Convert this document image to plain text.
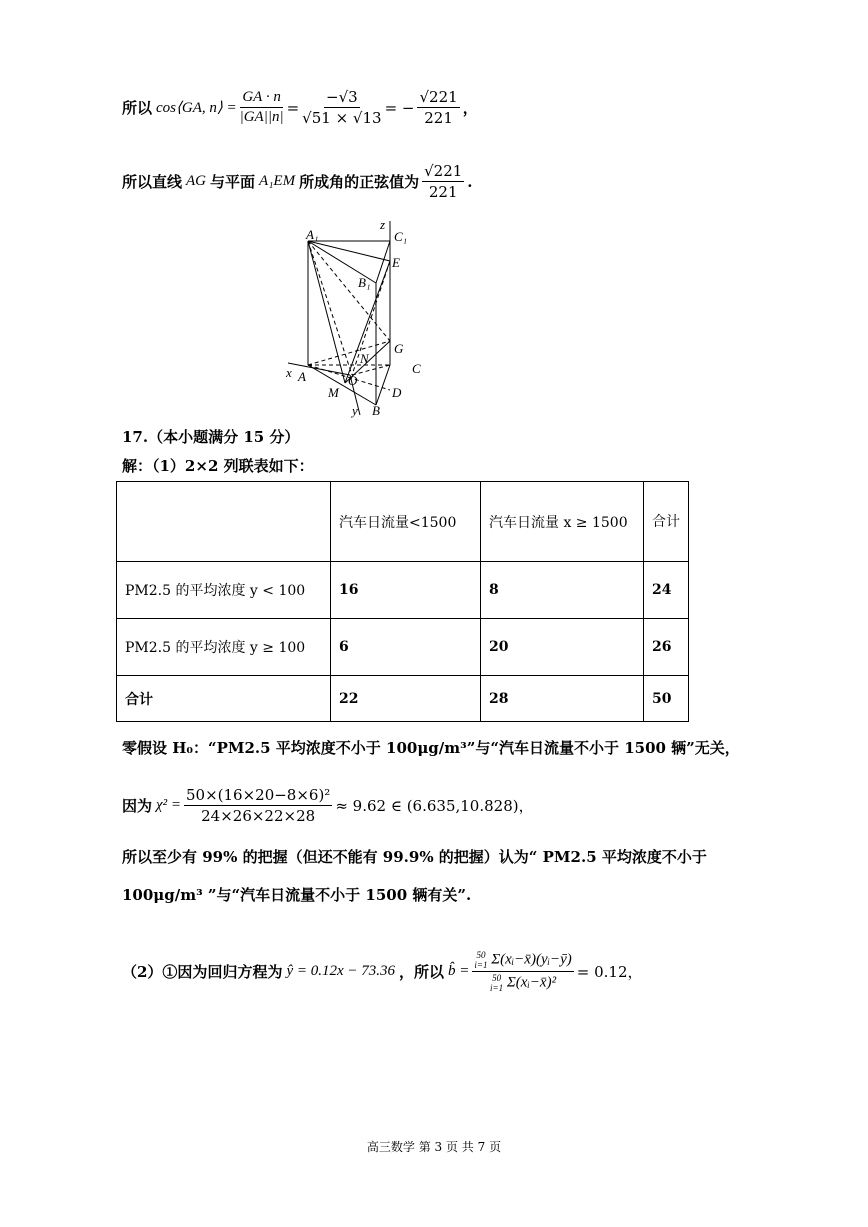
所以 cos⟨GA, n⟩ = $\frac{GA \cdot n}{|GA||n|} = \frac{-√3}{√51 \times √13}$ = − $\frac{√221}{221}$ ，
所以直线 AG 与平面 A₁EM 所成角的正弦值为 $\frac{√221}{221}$ .
A₁	C₁
z
E
B₁
G
N
O
x A
C
M	D
y B
17.（本小题满分 15 分）
解：（1）2×2 列联表如下：
	汽车日流量<1500	汽车日流量 x ≥ 1500	合计
PM2.5 的平均浓度 y < 100	16	8	24
PM2.5 的平均浓度 y ≥ 100	6	20	26
合计	22	28	50
零假设 H₀：“PM2.5 平均浓度不小于 100μg/m³”与“汽车日流量不小于 1500 辆”无关，
因为 $\chi^2 = \frac{\text{50×(16×20−8×6)²}}{24\times 26\times 22\times 28} \approx 9.62$ ∈ (6.635,10.828)，
所以至少有 99% 的把握（但还不能有 99.9% 的把握）认为“ PM2.5 平均浓度不小于
100μg/m³ ”与“汽车日流量不小于 1500 辆有关”.
（2）①因为回归方程为 ŷ = 0.12x − 73.36 ，所以 b̂ = 50
i=1 Σ(xᵢ−x̄)(yᵢ−ȳ)
50
i=1 Σ(xᵢ−x̄)² = 0.12，
高三数学 第 3 页 共 7 页
